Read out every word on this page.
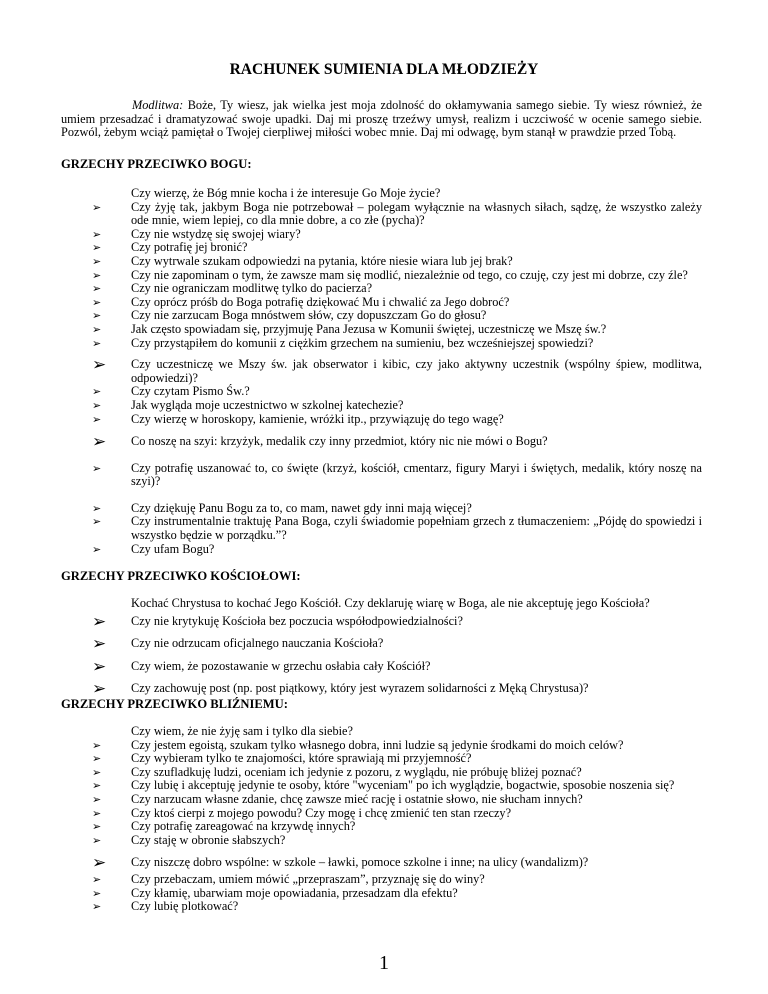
RACHUNEK SUMIENIA DLA MŁODZIEŻY
Modlitwa: Boże, Ty wiesz, jak wielka jest moja zdolność do okłamywania samego siebie. Ty wiesz również, że umiem przesadzać i dramatyzować swoje upadki. Daj mi proszę trzeźwy umysł, realizm i uczciwość w ocenie samego siebie. Pozwól, żebym wciąż pamiętał o Twojej cierpliwej miłości wobec mnie. Daj mi odwagę, bym stanął w prawdzie przed Tobą.
GRZECHY PRZECIWKO BOGU:
Czy wierzę, że Bóg mnie kocha i że interesuje Go Moje życie?
➢ Czy żyję tak, jakbym Boga nie potrzebował – polegam wyłącznie na własnych siłach, sądzę, że wszystko zależy ode mnie, wiem lepiej, co dla mnie dobre, a co złe (pycha)?
➢ Czy nie wstydzę się swojej wiary?
➢ Czy potrafię jej bronić?
➢ Czy wytrwale szukam odpowiedzi na pytania, które niesie wiara lub jej brak?
➢ Czy nie zapominam o tym, że zawsze mam się modlić, niezależnie od tego, co czuję, czy jest mi dobrze, czy źle?
➢ Czy nie ograniczam modlitwę tylko do pacierza?
➢ Czy oprócz próśb do Boga potrafię dziękować Mu i chwalić za Jego dobroć?
➢ Czy nie zarzucam Boga mnóstwem słów, czy dopuszczam Go do głosu?
➢ Jak często spowiadam się, przyjmuję Pana Jezusa w Komunii świętej, uczestniczę we Mszę św.?
➢ Czy przystąpiłem do komunii z ciężkim grzechem na sumieniu, bez wcześniejszej spowiedzi?
➢ Czy uczestniczę we Mszy św. jak obserwator i kibic, czy jako aktywny uczestnik (wspólny śpiew, modlitwa, odpowiedzi)?
➢ Czy czytam Pismo Św.?
➢ Jak wygląda moje uczestnictwo w szkolnej katechezie?
➢ Czy wierzę w horoskopy, kamienie, wróżki itp., przywiązuję do tego wagę?
➢ Co noszę na szyi: krzyżyk, medalik czy inny przedmiot, który nic nie mówi o Bogu?
➢ Czy potrafię uszanować to, co święte (krzyż, kościół, cmentarz, figury Maryi i świętych, medalik, który noszę na szyi)?
➢ Czy dziękuję Panu Bogu za to, co mam, nawet gdy inni mają więcej?
➢ Czy instrumentalnie traktuję Pana Boga, czyli świadomie popełniam grzech z tłumaczeniem: „Pójdę do spowiedzi i wszystko będzie w porządku.”?
➢ Czy ufam Bogu?
GRZECHY PRZECIWKO KOŚCIOŁOWI:
Kochać Chrystusa to kochać Jego Kościół. Czy deklaruję wiarę w Boga, ale nie akceptuję jego Kościoła?
➢ Czy nie krytykuję Kościoła bez poczucia współodpowiedzialności?
➢ Czy nie odrzucam oficjalnego nauczania Kościoła?
➢ Czy wiem, że pozostawanie w grzechu osłabia cały Kościół?
➢ Czy zachowuję post (np. post piątkowy, który jest wyrazem solidarności z Męką Chrystusa)?
GRZECHY PRZECIWKO BLIŹNIEMU:
Czy wiem, że nie żyję sam i tylko dla siebie?
➢ Czy jestem egoistą, szukam tylko własnego dobra, inni ludzie są jedynie środkami do moich celów?
➢ Czy wybieram tylko te znajomości, które sprawiają mi przyjemność?
➢ Czy szufladkuję ludzi, oceniam ich jedynie z pozoru, z wyglądu, nie próbuję bliżej poznać?
➢ Czy lubię i akceptuję jedynie te osoby, które "wyceniam" po ich wyglądzie, bogactwie, sposobie noszenia się?
➢ Czy narzucam własne zdanie, chcę zawsze mieć rację i ostatnie słowo, nie słucham innych?
➢ Czy ktoś cierpi z mojego powodu? Czy mogę i chcę zmienić ten stan rzeczy?
➢ Czy potrafię zareagować na krzywdę innych?
➢ Czy staję w obronie słabszych?
➢ Czy niszczę dobro wspólne: w szkole – ławki, pomoce szkolne i inne; na ulicy (wandalizm)?
➢ Czy przebaczam, umiem mówić „przepraszam”, przyznaję się do winy?
➢ Czy kłamię, ubarwiam moje opowiadania, przesadzam dla efektu?
➢ Czy lubię plotkować?
1
